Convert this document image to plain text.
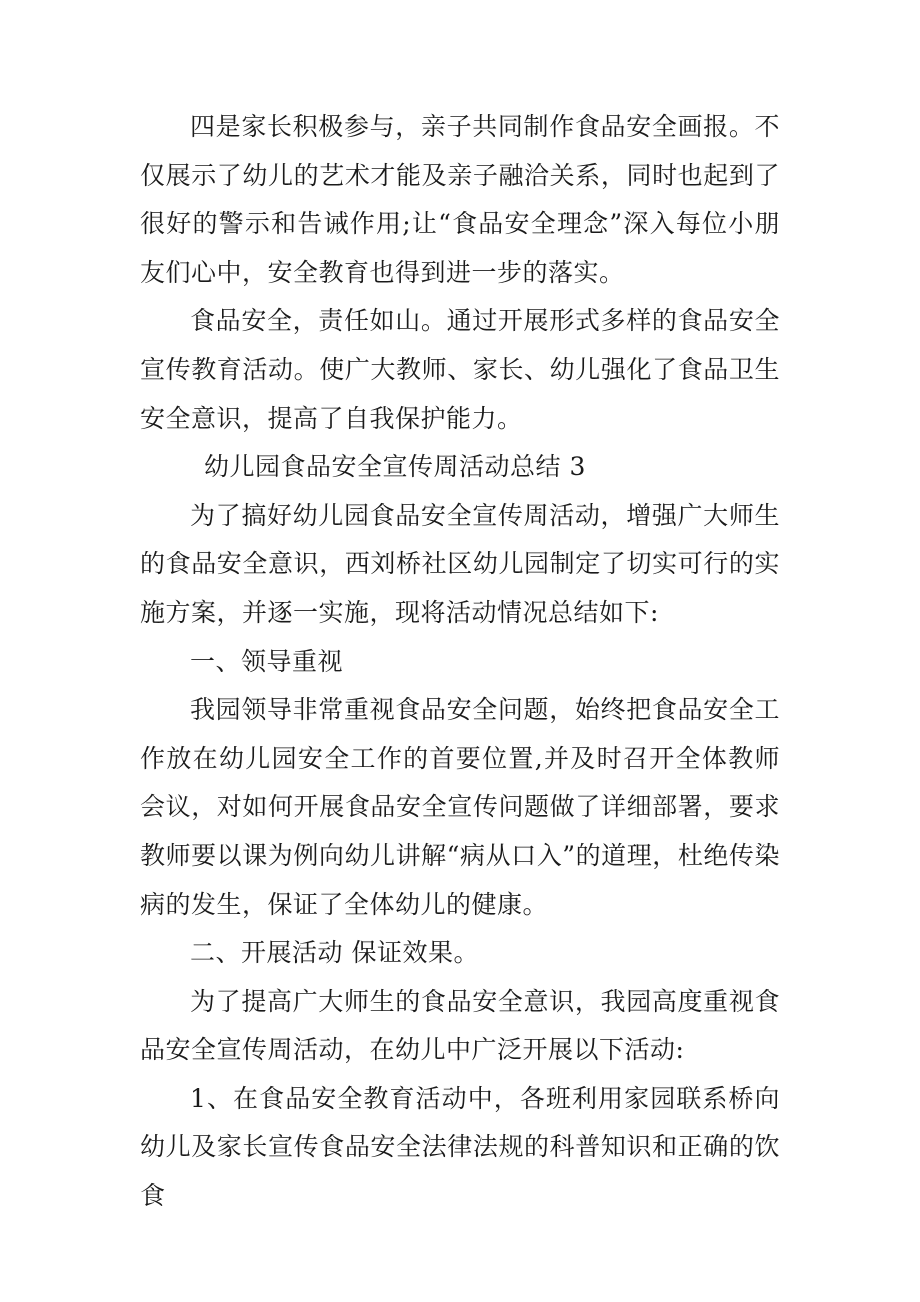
四是家长积极参与，亲子共同制作食品安全画报。不仅展示了幼儿的艺术才能及亲子融洽关系，同时也起到了很好的警示和告诫作用;让“食品安全理念”深入每位小朋友们心中，安全教育也得到进一步的落实。

食品安全，责任如山。通过开展形式多样的食品安全宣传教育活动。使广大教师、家长、幼儿强化了食品卫生安全意识，提高了自我保护能力。

幼儿园食品安全宣传周活动总结 3

为了搞好幼儿园食品安全宣传周活动，增强广大师生的食品安全意识，西刘桥社区幼儿园制定了切实可行的实施方案，并逐一实施，现将活动情况总结如下:

一、领导重视

我园领导非常重视食品安全问题，始终把食品安全工作放在幼儿园安全工作的首要位置,并及时召开全体教师会议，对如何开展食品安全宣传问题做了详细部署，要求教师要以课为例向幼儿讲解“病从口入”的道理，杜绝传染病的发生，保证了全体幼儿的健康。

二、开展活动 保证效果。

为了提高广大师生的食品安全意识，我园高度重视食品安全宣传周活动，在幼儿中广泛开展以下活动:

1、在食品安全教育活动中，各班利用家园联系桥向幼儿及家长宣传食品安全法律法规的科普知识和正确的饮食
